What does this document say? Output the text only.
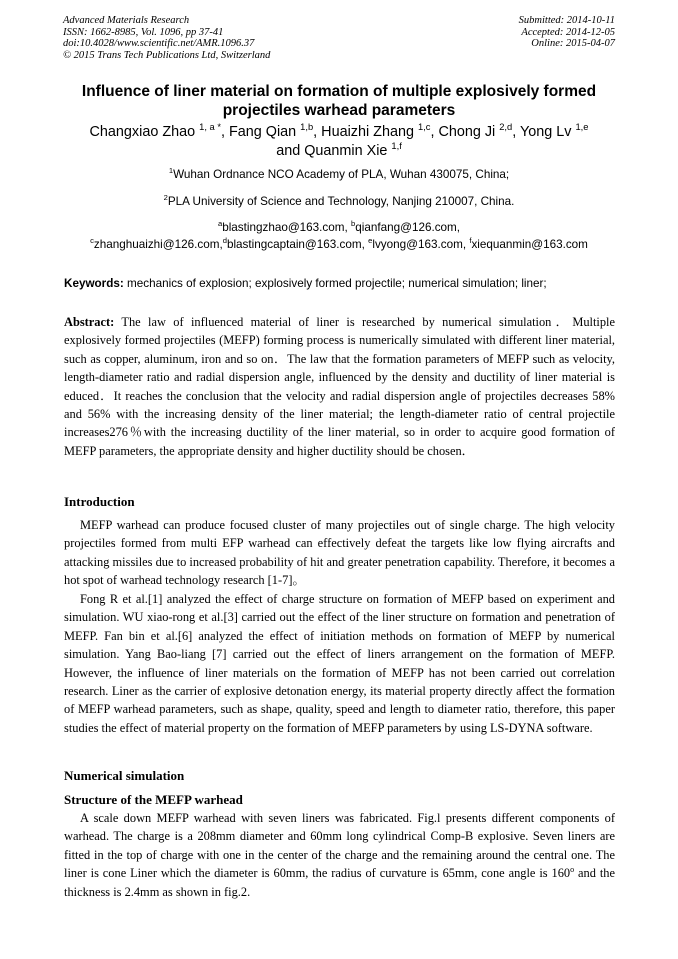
Advanced Materials Research
ISSN: 1662-8985, Vol. 1096, pp 37-41
doi:10.4028/www.scientific.net/AMR.1096.37
© 2015 Trans Tech Publications Ltd, Switzerland
Submitted: 2014-10-11
Accepted: 2014-12-05
Online: 2015-04-07
Influence of liner material on formation of multiple explosively formed
projectiles warhead parameters
Changxiao Zhao $^{1, a *}$, Fang Qian $^{1,b}$, Huaizhi Zhang $^{1,c}$, Chong Ji $^{2,d}$, Yong Lv $^{1,e}$
and Quanmin Xie $^{1,f}$
$^1$Wuhan Ordnance NCO Academy of PLA, Wuhan 430075, China;
$^2$PLA University of Science and Technology, Nanjing 210007, China.
$^a$blastingzhao@163.com, $^b$qianfang@126.com,
$^c$zhanghuaizhi@126.com,$^d$blastingcaptain@163.com, $^e$lvyong@163.com, $^f$xiequanmin@163.com
Keywords: mechanics of explosion; explosively formed projectile; numerical simulation; liner;
Abstract: The law of influenced material of liner is researched by numerical simulation．Multiple explosively formed projectiles (MEFP) forming process is numerically simulated with different liner material, such as copper, aluminum, iron and so on．The law that the formation parameters of MEFP such as velocity, length-diameter ratio and radial dispersion angle, influenced by the density and ductility of liner material is educed．It reaches the conclusion that the velocity and radial dispersion angle of projectiles decreases 58% and 56% with the increasing density of the liner material; the length-diameter ratio of central projectile increases276％with the increasing ductility of the liner material, so in order to acquire good formation of MEFP parameters, the appropriate density and higher ductility should be chosen．
Introduction

MEFP warhead can produce focused cluster of many projectiles out of single charge. The high velocity projectiles formed from multi EFP warhead can effectively defeat the targets like low flying aircrafts and attacking missiles due to increased probability of hit and greater penetration capability. Therefore, it becomes a hot spot of warhead technology research [1-7]。

Fong R et al.[1] analyzed the effect of charge structure on formation of MEFP based on experiment and simulation. WU xiao-rong et al.[3] carried out the effect of the liner structure on formation and penetration of MEFP. Fan bin et al.[6] analyzed the effect of initiation methods on formation of MEFP by numerical simulation. Yang Bao-liang [7] carried out the effect of liners arrangement on the formation of MEFP. However, the influence of liner materials on the formation of MEFP has not been carried out correlation research. Liner as the carrier of explosive detonation energy, its material property directly affect the formation of MEFP warhead parameters, such as shape, quality, speed and length to diameter ratio, therefore, this paper studies the effect of material property on the formation of MEFP parameters by using LS-DYNA software.

Numerical simulation
Structure of the MEFP warhead

A scale down MEFP warhead with seven liners was fabricated. Fig.l presents different components of warhead. The charge is a 208mm diameter and 60mm long cylindrical Comp-B explosive. Seven liners are fitted in the top of charge with one in the center of the charge and the remaining around the central one. The liner is cone Liner which the diameter is 60mm, the radius of curvature is 65mm, cone angle is 160$^o$ and the thickness is 2.4mm as shown in fig.2.
